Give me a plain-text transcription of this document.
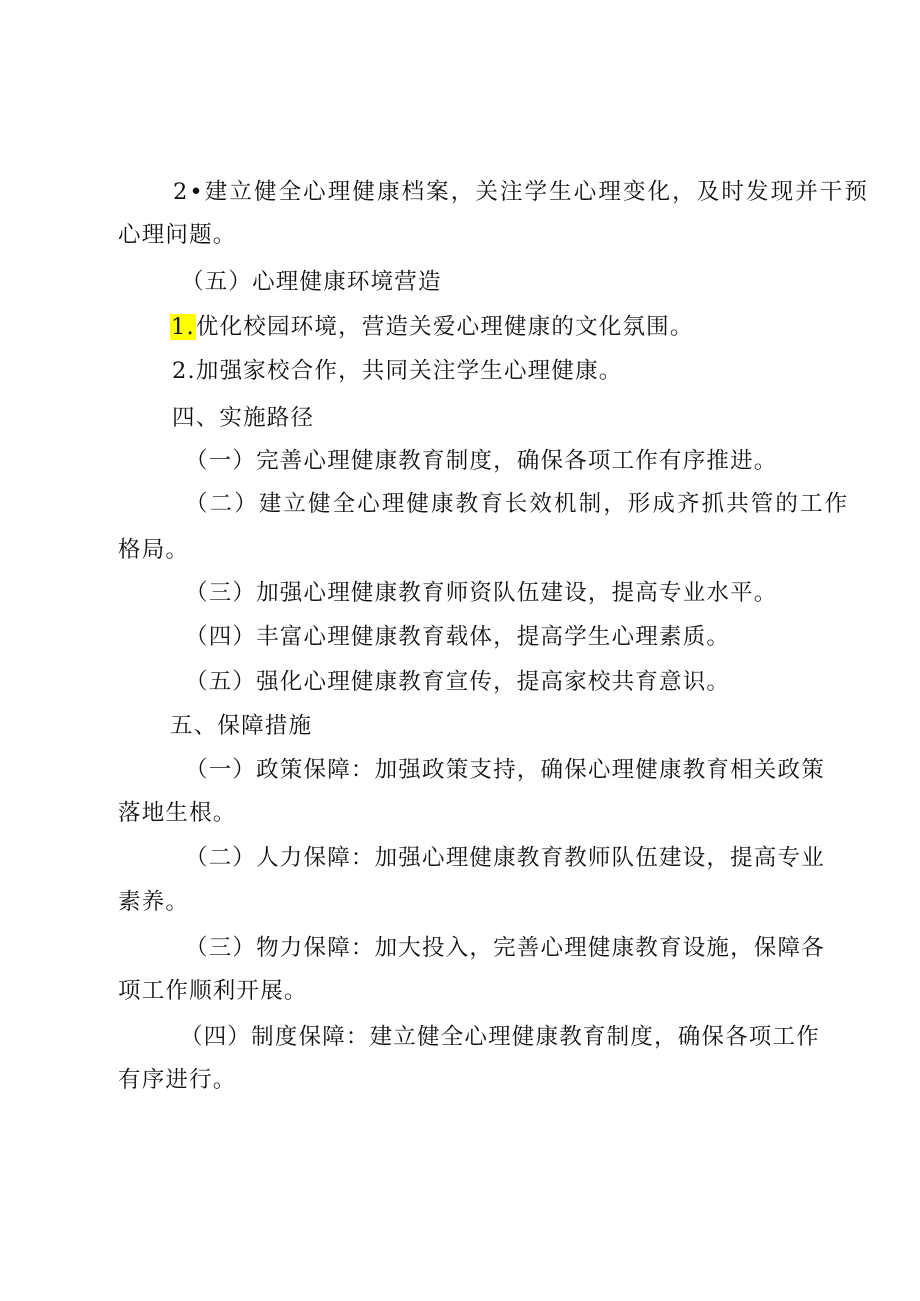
2•建立健全心理健康档案，关注学生心理变化，及时发现并干预

心理问题。

（五）心理健康环境营造

1.优化校园环境，营造关爱心理健康的文化氛围。

2.加强家校合作，共同关注学生心理健康。

四、实施路径

（一）完善心理健康教育制度，确保各项工作有序推进。

（二）建立健全心理健康教育长效机制，形成齐抓共管的工作

格局。

（三）加强心理健康教育师资队伍建设，提高专业水平。

（四）丰富心理健康教育载体，提高学生心理素质。

（五）强化心理健康教育宣传，提高家校共育意识。

五、保障措施

（一）政策保障：加强政策支持，确保心理健康教育相关政策

落地生根。

（二）人力保障：加强心理健康教育教师队伍建设，提高专业

素养。

（三）物力保障：加大投入，完善心理健康教育设施，保障各

项工作顺利开展。

（四）制度保障：建立健全心理健康教育制度，确保各项工作

有序进行。
